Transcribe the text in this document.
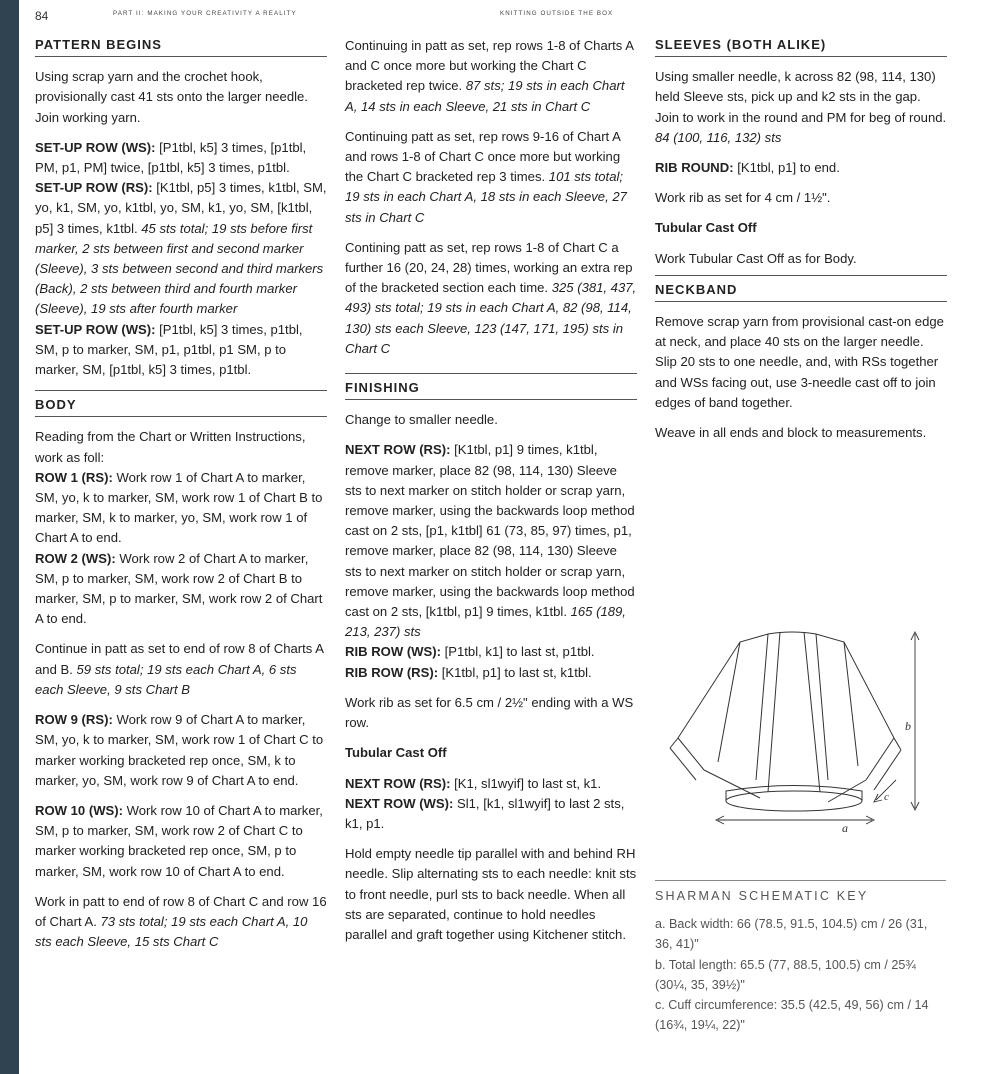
84	PART II: MAKING YOUR CREATIVITY A REALITY	KNITTING OUTSIDE THE BOX
PATTERN BEGINS

Using scrap yarn and the crochet hook, provisionally cast 41 sts onto the larger needle. Join working yarn.

SET-UP ROW (WS): [P1tbl, k5] 3 times, [p1tbl, PM, p1, PM] twice, [p1tbl, k5] 3 times, p1tbl.
SET-UP ROW (RS): [K1tbl, p5] 3 times, k1tbl, SM, yo, k1, SM, yo, k1tbl, yo, SM, k1, yo, SM, [k1tbl, p5] 3 times, k1tbl. 45 sts total; 19 sts before first marker, 2 sts between first and second marker (Sleeve), 3 sts between second and third markers (Back), 2 sts between third and fourth marker (Sleeve), 19 sts after fourth marker
SET-UP ROW (WS): [P1tbl, k5] 3 times, p1tbl, SM, p to marker, SM, p1, p1tbl, p1 SM, p to marker, SM, [p1tbl, k5] 3 times, p1tbl.
BODY
Reading from the Chart or Written Instructions, work as foll:
ROW 1 (RS): Work row 1 of Chart A to marker, SM, yo, k to marker, SM, work row 1 of Chart B to marker, SM, k to marker, yo, SM, work row 1 of Chart A to end.
ROW 2 (WS): Work row 2 of Chart A to marker, SM, p to marker, SM, work row 2 of Chart B to marker, SM, p to marker, SM, work row 2 of Chart A to end.

Continue in patt as set to end of row 8 of Charts A and B. 59 sts total; 19 sts each Chart A, 6 sts each Sleeve, 9 sts Chart B

ROW 9 (RS): Work row 9 of Chart A to marker, SM, yo, k to marker, SM, work row 1 of Chart C to marker working bracketed rep once, SM, k to marker, yo, SM, work row 9 of Chart A to end.

ROW 10 (WS): Work row 10 of Chart A to marker, SM, p to marker, SM, work row 2 of Chart C to marker working bracketed rep once, SM, p to marker, SM, work row 10 of Chart A to end.

Work in patt to end of row 8 of Chart C and row 16 of Chart A. 73 sts total; 19 sts each Chart A, 10 sts each Sleeve, 15 sts Chart C

Continuing in patt as set, rep rows 1-8 of Charts A and C once more but working the Chart C bracketed rep twice. 87 sts; 19 sts in each Chart A, 14 sts in each Sleeve, 21 sts in Chart C

Continuing patt as set, rep rows 9-16 of Chart A and rows 1-8 of Chart C once more but working the Chart C bracketed rep 3 times. 101 sts total; 19 sts in each Chart A, 18 sts in each Sleeve, 27 sts in Chart C

Contining patt as set, rep rows 1-8 of Chart C a further 16 (20, 24, 28) times, working an extra rep of the bracketed section each time. 325 (381, 437, 493) sts total; 19 sts in each Chart A, 82 (98, 114, 130) sts each Sleeve, 123 (147, 171, 195) sts in Chart C

FINISHING

Change to smaller needle.

NEXT ROW (RS): [K1tbl, p1] 9 times, k1tbl, remove marker, place 82 (98, 114, 130) Sleeve sts to next marker on stitch holder or scrap yarn, remove marker, using the backwards loop method cast on 2 sts, [p1, k1tbl] 61 (73, 85, 97) times, p1, remove marker, place 82 (98, 114, 130) Sleeve sts to next marker on stitch holder or scrap yarn, remove marker, using the backwards loop method cast on 2 sts, [k1tbl, p1] 9 times, k1tbl. 165 (189, 213, 237) sts
RIB ROW (WS): [P1tbl, k1] to last st, p1tbl.
RIB ROW (RS): [K1tbl, p1] to last st, k1tbl.

Work rib as set for 6.5 cm / 2½" ending with a WS row.

Tubular Cast Off
NEXT ROW (RS): [K1, sl1wyif] to last st, k1.
NEXT ROW (WS): Sl1, [k1, sl1wyif] to last 2 sts, k1, p1.

Hold empty needle tip parallel with and behind RH needle. Slip alternating sts to each needle: knit sts to front needle, purl sts to back needle. When all sts are separated, continue to hold needles parallel and graft together using Kitchener stitch.

SLEEVES (BOTH ALIKE)

Using smaller needle, k across 82 (98, 114, 130) held Sleeve sts, pick up and k2 sts in the gap. Join to work in the round and PM for beg of round. 84 (100, 116, 132) sts

RIB ROUND: [K1tbl, p1] to end.

Work rib as set for 4 cm / 1½".

Tubular Cast Off

Work Tubular Cast Off as for Body.

NECKBAND

Remove scrap yarn from provisional cast-on edge at neck, and place 40 sts on the larger needle. Slip 20 sts to one needle, and, with RSs together and WSs facing out, use 3-needle cast off to join edges of band together.

Weave in all ends and block to measurements.

b
a
c
SHARMAN SCHEMATIC KEY
a. Back width: 66 (78.5, 91.5, 104.5) cm / 26 (31, 36, 41)"
b. Total length: 65.5 (77, 88.5, 100.5) cm / 25¾ (30¼, 35, 39½)"
c. Cuff circumference: 35.5 (42.5, 49, 56) cm / 14 (16¾, 19¼, 22)"
